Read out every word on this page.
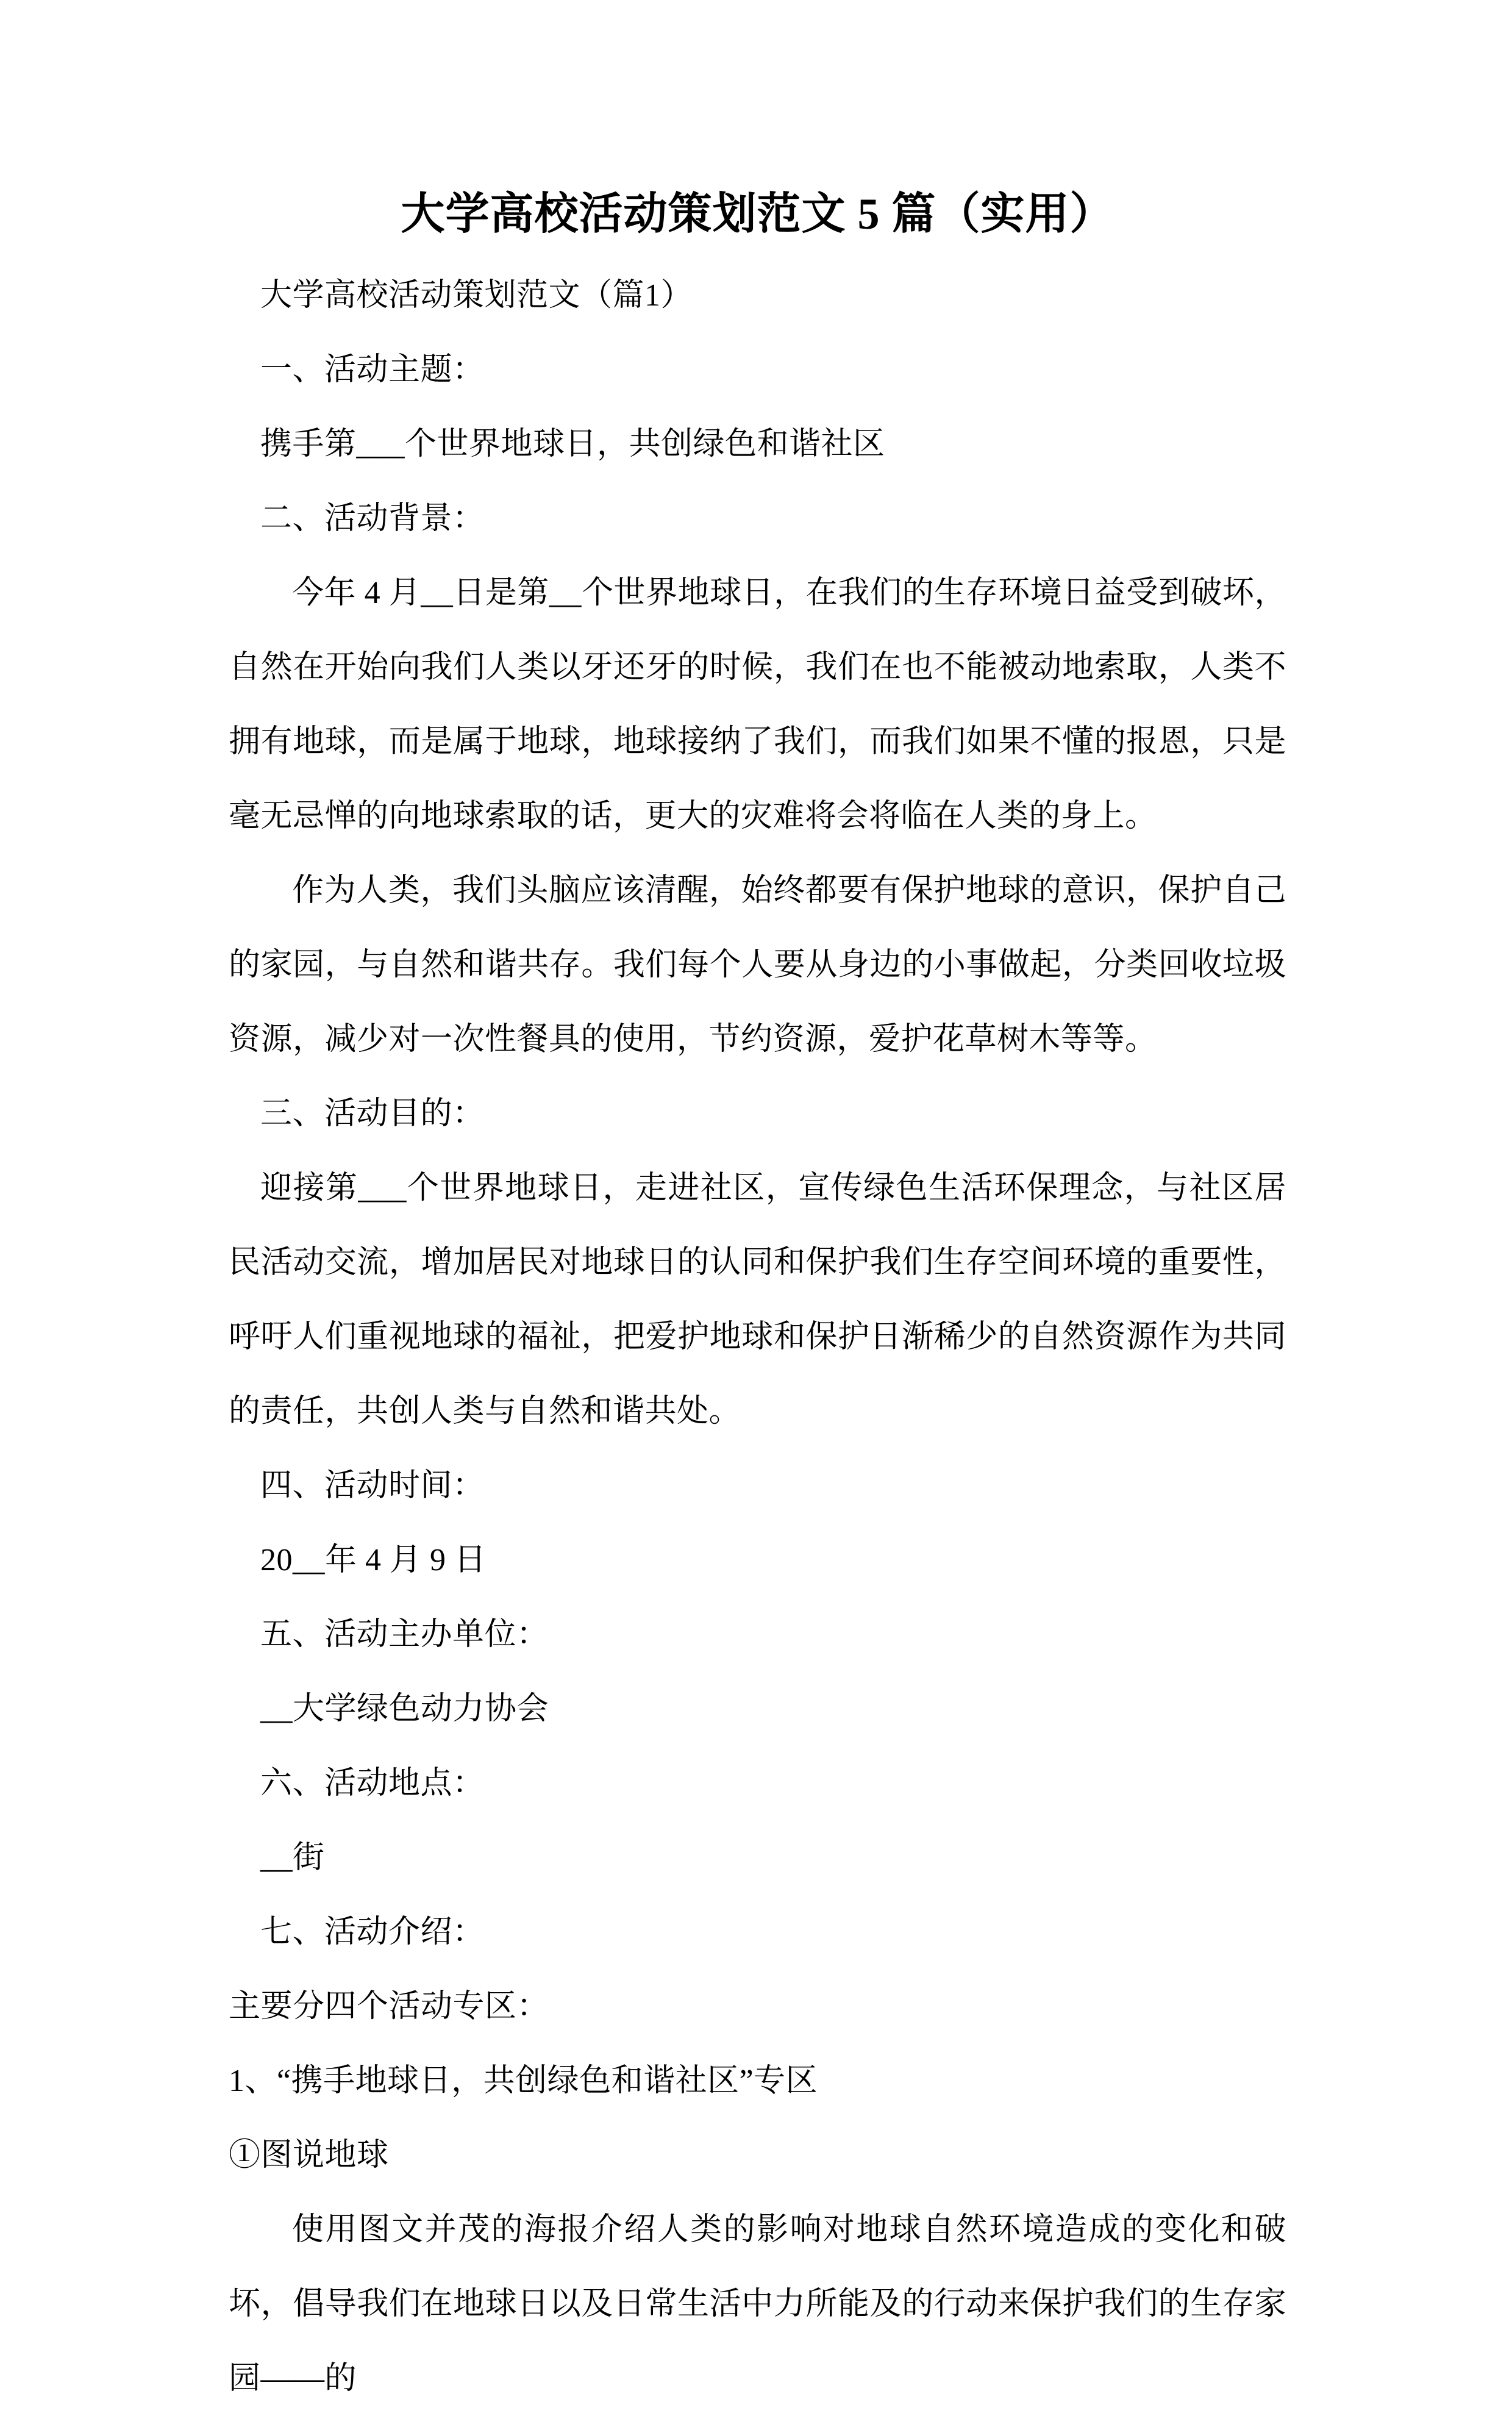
大学高校活动策划范文 5 篇（实用）

大学高校活动策划范文（篇1）

一、活动主题：

携手第___个世界地球日，共创绿色和谐社区

二、活动背景：

今年 4 月__日是第__个世界地球日，在我们的生存环境日益受到破坏，自然在开始向我们人类以牙还牙的时候，我们在也不能被动地索取，人类不拥有地球，而是属于地球，地球接纳了我们，而我们如果不懂的报恩，只是毫无忌惮的向地球索取的话，更大的灾难将会将临在人类的身上。

作为人类，我们头脑应该清醒，始终都要有保护地球的意识，保护自己的家园，与自然和谐共存。我们每个人要从身边的小事做起，分类回收垃圾资源，减少对一次性餐具的使用，节约资源，爱护花草树木等等。

三、活动目的：

迎接第___个世界地球日，走进社区，宣传绿色生活环保理念，与社区居民活动交流，增加居民对地球日的认同和保护我们生存空间环境的重要性，呼吁人们重视地球的福祉，把爱护地球和保护日渐稀少的自然资源作为共同的责任，共创人类与自然和谐共处。

四、活动时间：

20__年 4 月 9 日

五、活动主办单位：

__大学绿色动力协会

六、活动地点：

__街

七、活动介绍：

主要分四个活动专区：

1、“携手地球日，共创绿色和谐社区”专区

①图说地球

使用图文并茂的海报介绍人类的影响对地球自然环境造成的变化和破坏，倡导我们在地球日以及日常生活中力所能及的行动来保护我们的生存家园——的
